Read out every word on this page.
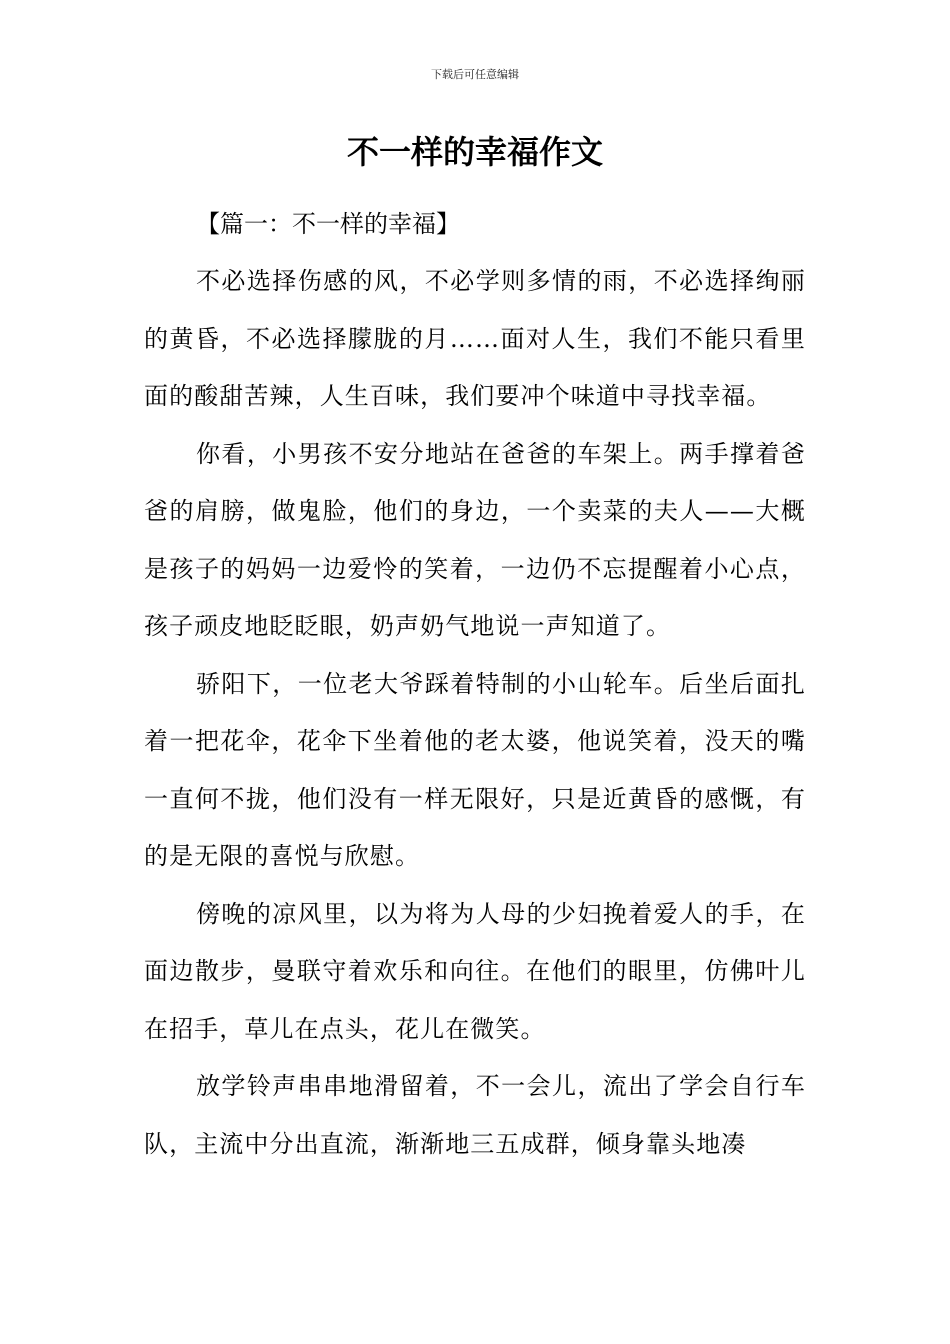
下载后可任意编辑
不一样的幸福作文

【篇一：不一样的幸福】

不必选择伤感的风，不必学则多情的雨，不必选择绚丽的黄昏，不必选择朦胧的月……面对人生，我们不能只看里面的酸甜苦辣，人生百味，我们要冲个味道中寻找幸福。

你看，小男孩不安分地站在爸爸的车架上。两手撑着爸爸的肩膀，做鬼脸，他们的身边，一个卖菜的夫人——大概是孩子的妈妈一边爱怜的笑着，一边仍不忘提醒着小心点，孩子顽皮地眨眨眼，奶声奶气地说一声知道了。

骄阳下，一位老大爷踩着特制的小山轮车。后坐后面扎着一把花伞，花伞下坐着他的老太婆，他说笑着，没天的嘴一直何不拢，他们没有一样无限好，只是近黄昏的感慨，有的是无限的喜悦与欣慰。

傍晚的凉风里，以为将为人母的少妇挽着爱人的手，在面边散步，曼联守着欢乐和向往。在他们的眼里，仿佛叶儿在招手，草儿在点头，花儿在微笑。

放学铃声串串地滑留着，不一会儿，流出了学会自行车队，主流中分出直流，渐渐地三五成群，倾身靠头地凑
